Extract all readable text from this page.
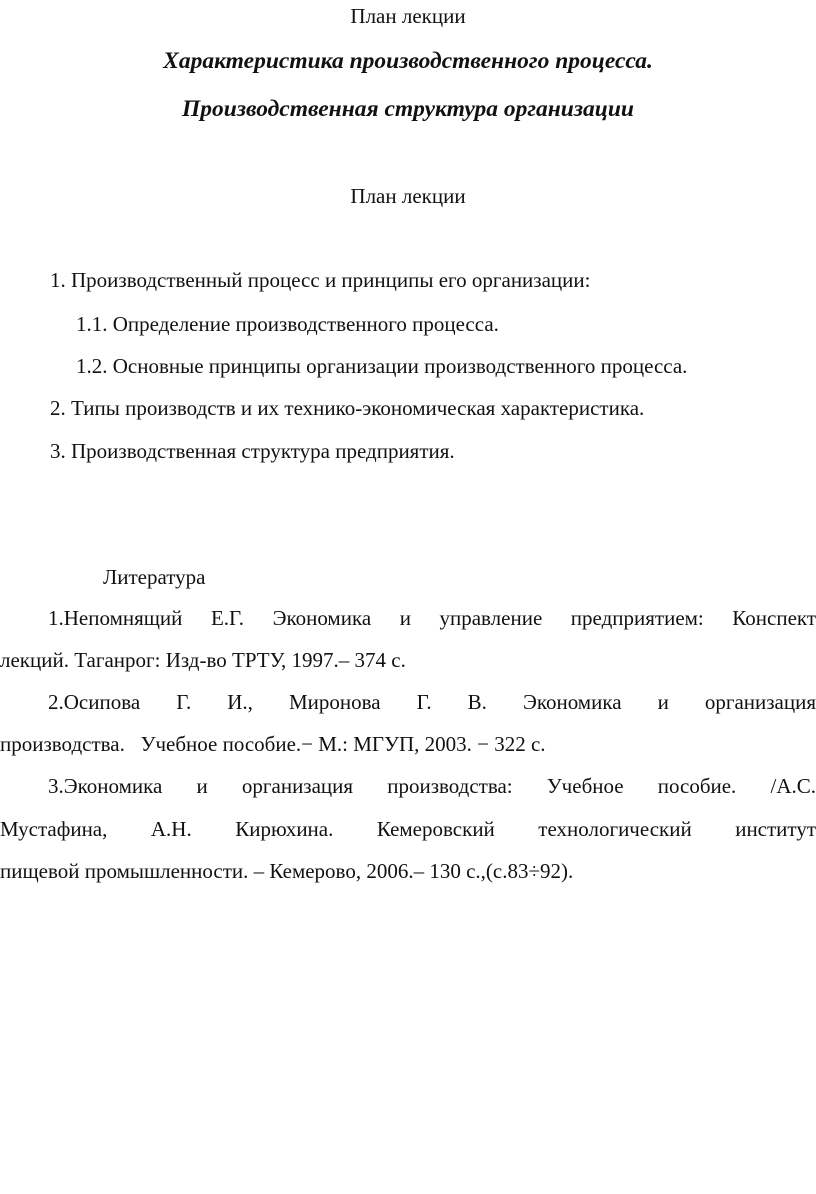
План лекции
Характеристика производственного процесса.
Производственная структура организации
План лекции
1. Производственный процесс и принципы его организации:
1.1. Определение производственного процесса.
1.2. Основные принципы организации производственного процесса.
2. Типы производств и их технико-экономическая характеристика.
3. Производственная структура предприятия.
Литература
1.Непомнящий Е.Г. Экономика и управление предприятием: Конспект
лекций. Таганрог: Изд-во ТРТУ, 1997.– 374 с.
2.Осипова Г. И., Миронова Г. В. Экономика и организация
производства.   Учебное пособие.− М.: МГУП, 2003. − 322 с.
3.Экономика и организация производства: Учебное пособие. /А.С.
Мустафина, А.Н. Кирюхина. Кемеровский технологический институт
пищевой промышленности. – Кемерово, 2006.– 130 с.,(с.83÷92).
